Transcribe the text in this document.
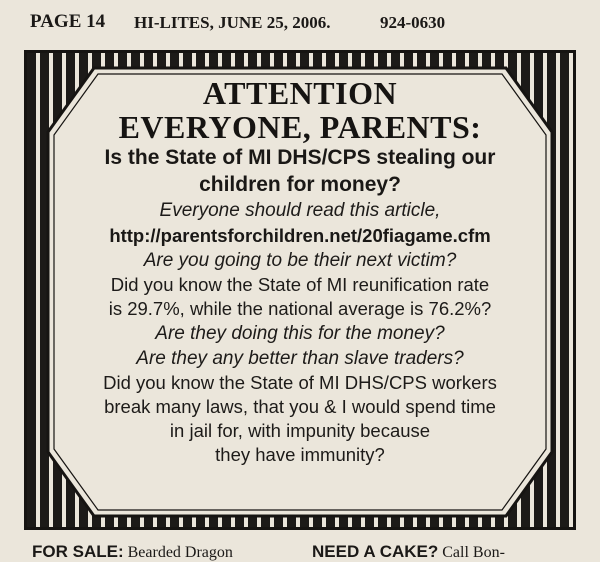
PAGE 14 HI-LITES, JUNE 25, 2006.	924-0630
ATTENTION
EVERYONE, PARENTS:
Is the State of MI DHS/CPS stealing our
children for money?
Everyone should read this article,
http://parentsforchildren.net/20fiagame.cfm
Are you going to be their next victim?
Did you know the State of MI reunification rate
is 29.7%, while the national average is 76.2%?
Are they doing this for the money?
Are they any better than slave traders?
Did you know the State of MI DHS/CPS workers
break many laws, that you & I would spend time
in jail for, with impunity because
they have immunity?
FOR SALE: Bearded Dragon	NEED A CAKE? Call Bon-
